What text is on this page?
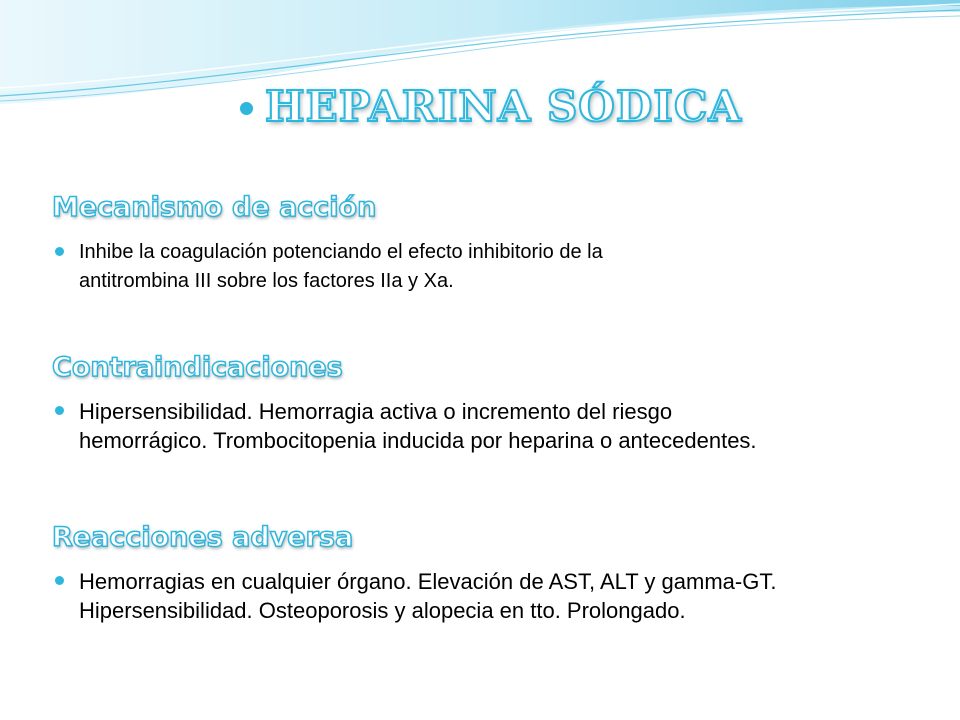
HEPARINA SÓDICA
Mecanismo de acción
Inhibe la coagulación potenciando el efecto inhibitorio de la
antitrombina III sobre los factores IIa y Xa.
Contraindicaciones
Hipersensibilidad. Hemorragia activa o incremento del riesgo
hemorrágico. Trombocitopenia inducida por heparina o antecedentes.
Reacciones adversa
Hemorragias en cualquier órgano. Elevación de AST, ALT y gamma-GT.
Hipersensibilidad. Osteoporosis y alopecia en tto. Prolongado.
